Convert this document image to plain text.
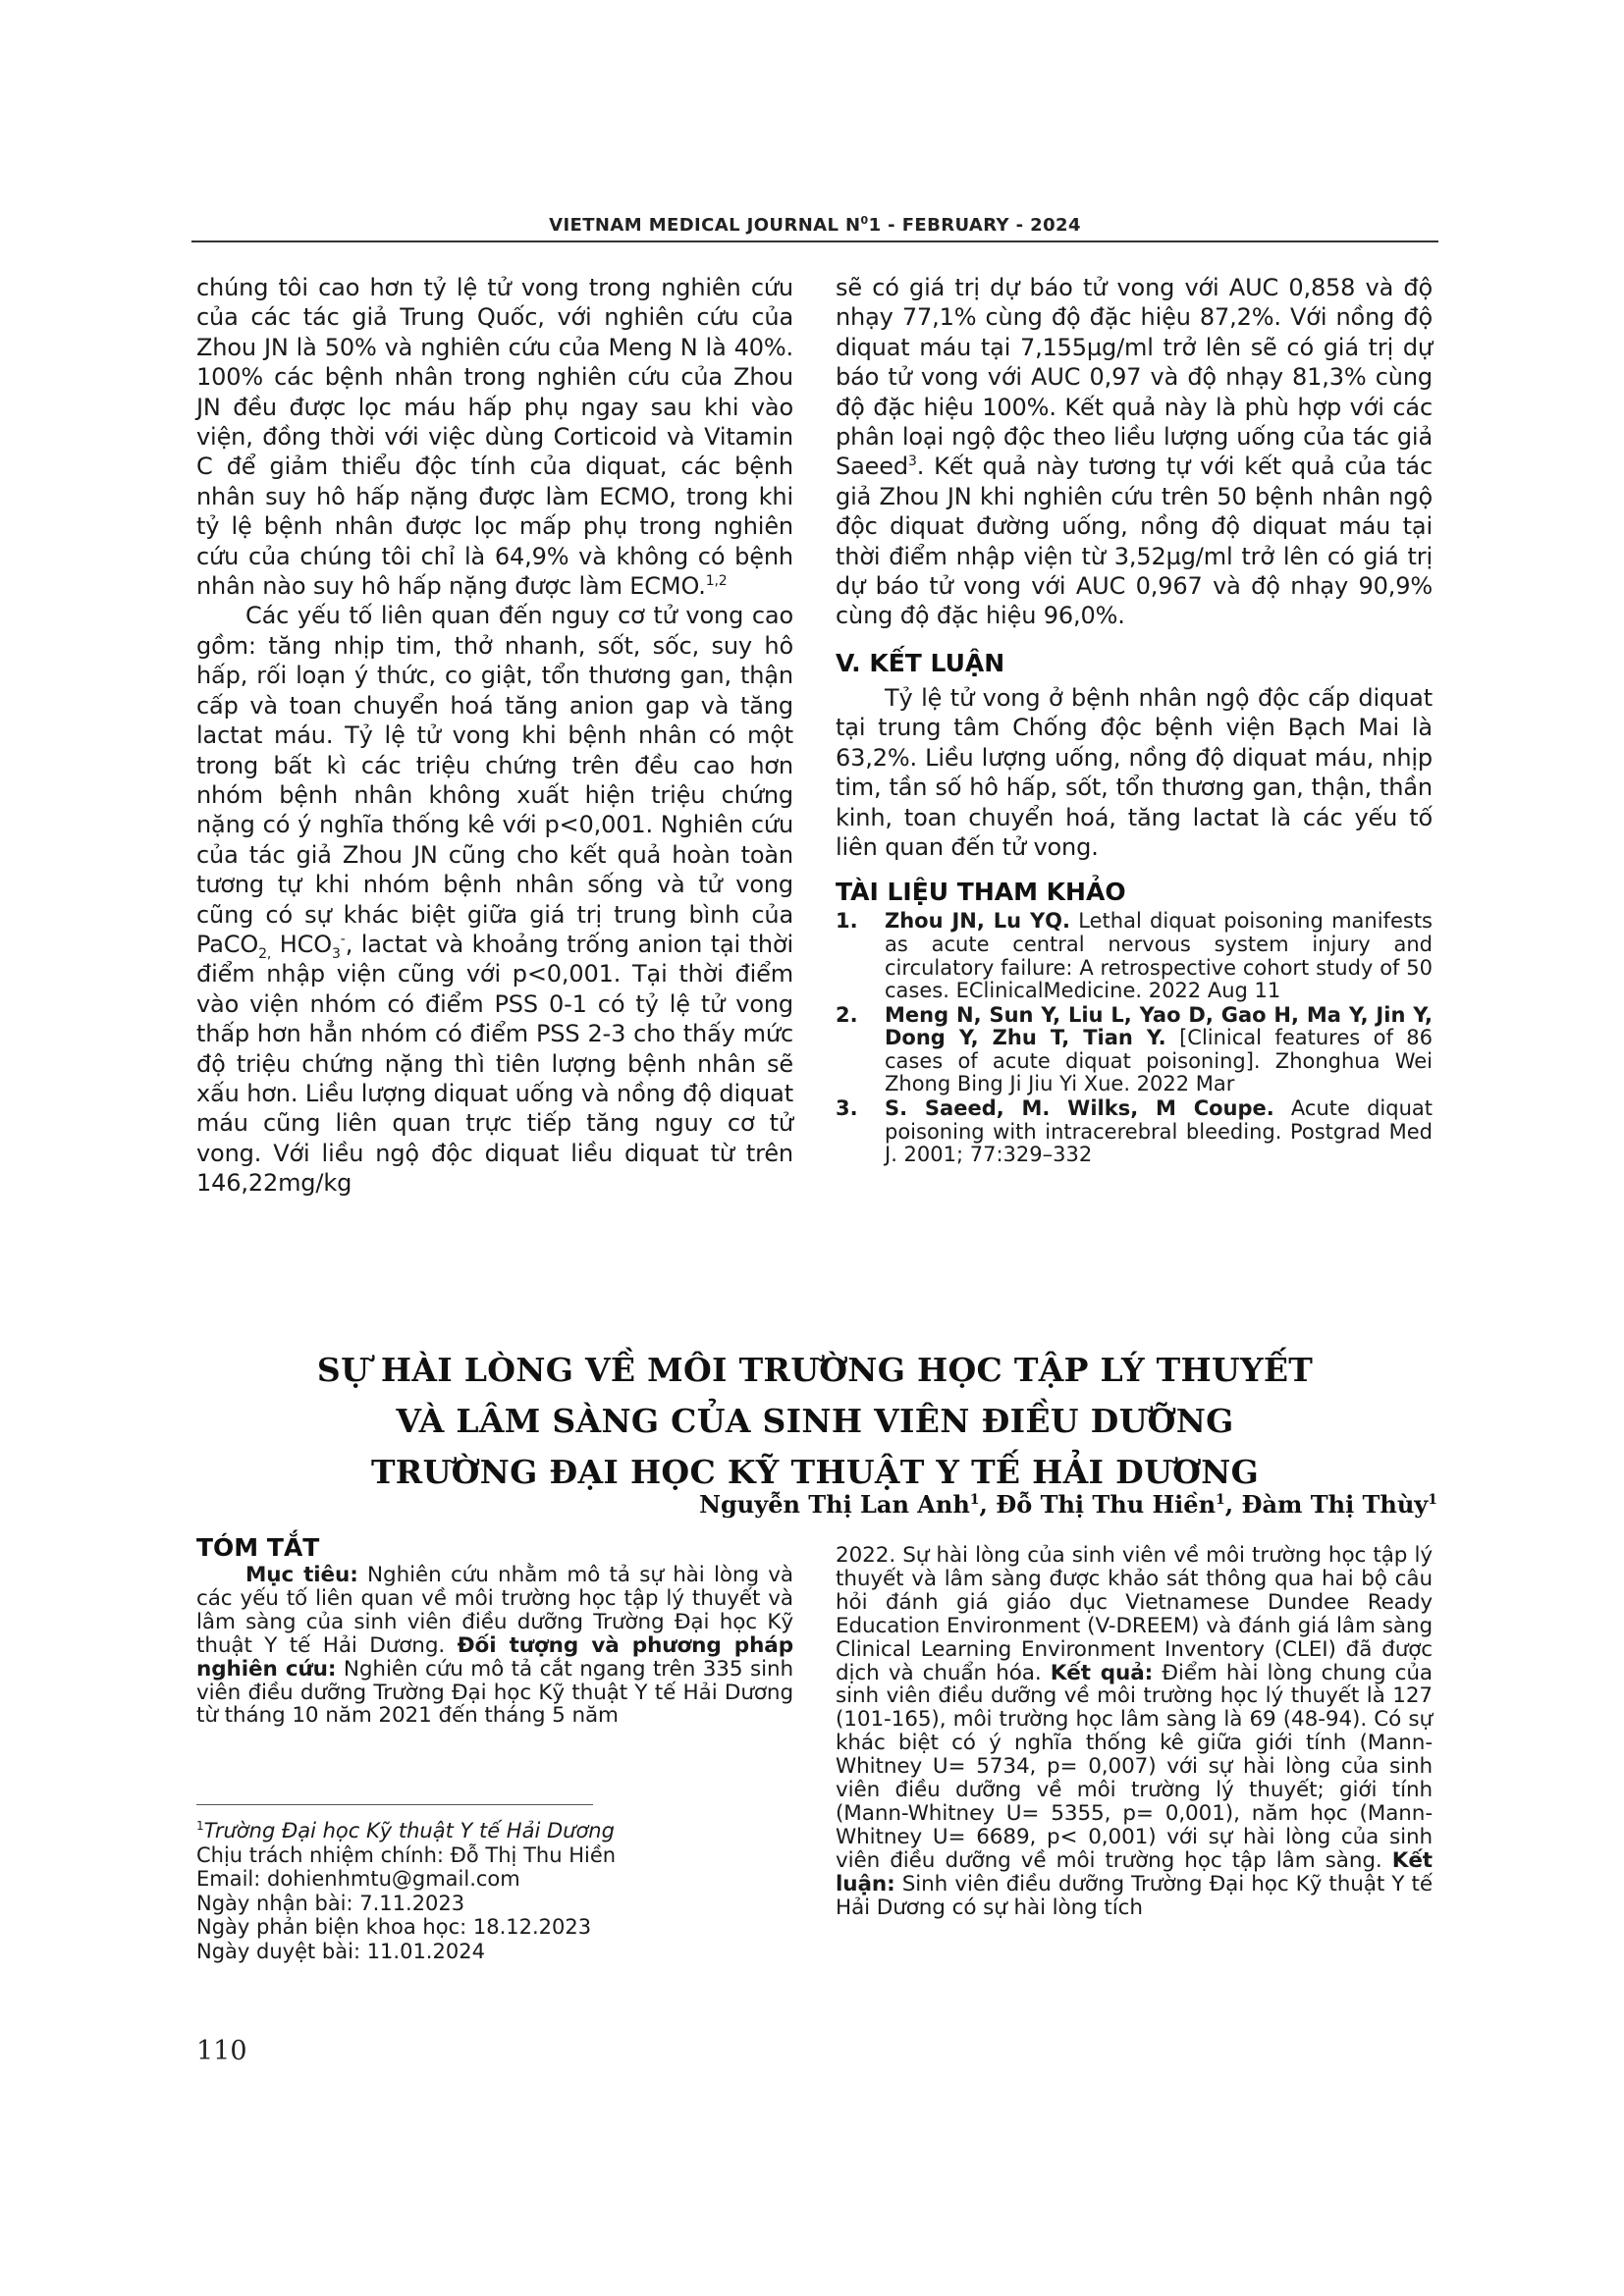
VIETNAM MEDICAL JOURNAL $N^01$ - FEBRUARY - 2024

chúng tôi cao hơn tỷ lệ tử vong trong nghiên cứu của các tác giả Trung Quốc, với nghiên cứu của Zhou JN là 50% và nghiên cứu của Meng N là 40%. 100% các bệnh nhân trong nghiên cứu của Zhou JN đều được lọc máu hấp phụ ngay sau khi vào viện, đồng thời với việc dùng Corticoid và Vitamin C để giảm thiểu độc tính của diquat, các bệnh nhân suy hô hấp nặng được làm ECMO, trong khi tỷ lệ bệnh nhân được lọc mấp phụ trong nghiên cứu của chúng tôi chỉ là 64,9% và không có bệnh nhân nào suy hô hấp nặng được làm ECMO.$^{1,2}$

Các yếu tố liên quan đến nguy cơ tử vong cao gồm: tăng nhịp tim, thở nhanh, sốt, sốc, suy hô hấp, rối loạn ý thức, co giật, tổn thương gan, thận cấp và toan chuyển hoá tăng anion gap và tăng lactat máu. Tỷ lệ tử vong khi bệnh nhân có một trong bất kì các triệu chứng trên đều cao hơn nhóm bệnh nhân không xuất hiện triệu chứng nặng có ý nghĩa thống kê với p<0,001. Nghiên cứu của tác giả Zhou JN cũng cho kết quả hoàn toàn tương tự khi nhóm bệnh nhân sống và tử vong cũng có sự khác biệt giữa giá trị trung bình của PaCO$_{2,}$ $HCO_3^-$, lactat và khoảng trống anion tại thời điểm nhập viện cũng với p<0,001. Tại thời điểm vào viện nhóm có điểm PSS 0-1 có tỷ lệ tử vong thấp hơn hẳn nhóm có điểm PSS 2-3 cho thấy mức độ triệu chứng nặng thì tiên lượng bệnh nhân sẽ xấu hơn. Liều lượng diquat uống và nồng độ diquat máu cũng liên quan trực tiếp tăng nguy cơ tử vong. Với liều ngộ độc diquat liều diquat từ trên 146,22mg/kg

sẽ có giá trị dự báo tử vong với AUC 0,858 và độ nhạy 77,1% cùng độ đặc hiệu 87,2%. Với nồng độ diquat máu tại 7,155µg/ml trở lên sẽ có giá trị dự báo tử vong với AUC 0,97 và độ nhạy 81,3% cùng độ đặc hiệu 100%. Kết quả này là phù hợp với các phân loại ngộ độc theo liều lượng uống của tác giả Saeed$^3$. Kết quả này tương tự với kết quả của tác giả Zhou JN khi nghiên cứu trên 50 bệnh nhân ngộ độc diquat đường uống, nồng độ diquat máu tại thời điểm nhập viện từ 3,52µg/ml trở lên có giá trị dự báo tử vong với AUC 0,967 và độ nhạy 90,9% cùng độ đặc hiệu 96,0%.

V. KẾT LUẬN

Tỷ lệ tử vong ở bệnh nhân ngộ độc cấp diquat tại trung tâm Chống độc bệnh viện Bạch Mai là 63,2%. Liều lượng uống, nồng độ diquat máu, nhịp tim, tần số hô hấp, sốt, tổn thương gan, thận, thần kinh, toan chuyển hoá, tăng lactat là các yếu tố liên quan đến tử vong.

TÀI LIỆU THAM KHẢO
1. Zhou JN, Lu YQ. Lethal diquat poisoning manifests as acute central nervous system injury and circulatory failure: A retrospective cohort study of 50 cases. EClinicalMedicine. 2022 Aug 11
2. Meng N, Sun Y, Liu L, Yao D, Gao H, Ma Y, Jin Y, Dong Y, Zhu T, Tian Y. [Clinical features of 86 cases of acute diquat poisoning]. Zhonghua Wei Zhong Bing Ji Jiu Yi Xue. 2022 Mar
3. S. Saeed, M. Wilks, M Coupe. Acute diquat poisoning with intracerebral bleeding. Postgrad Med J. 2001; 77:329–332
SỰ HÀI LÒNG VỀ MÔI TRƯỜNG HỌC TẬP LÝ THUYẾT
VÀ LÂM SÀNG CỦA SINH VIÊN ĐIỀU DƯỠNG
TRƯỜNG ĐẠI HỌC KỸ THUẬT Y TẾ HẢI DƯƠNG
Nguyễn Thị Lan Anh$^1$, Đỗ Thị Thu Hiền$^1$, Đàm Thị Thùy$^1$
TÓM TẮT

Mục tiêu: Nghiên cứu nhằm mô tả sự hài lòng và các yếu tố liên quan về môi trường học tập lý thuyết và lâm sàng của sinh viên điều dưỡng Trường Đại học Kỹ thuật Y tế Hải Dương. Đối tượng và phương pháp nghiên cứu: Nghiên cứu mô tả cắt ngang trên 335 sinh viên điều dưỡng Trường Đại học Kỹ thuật Y tế Hải Dương từ tháng 10 năm 2021 đến tháng 5 năm

$^1$Trường Đại học Kỹ thuật Y tế Hải Dương
Chịu trách nhiệm chính: Đỗ Thị Thu Hiền
Email: dohienhmtu@gmail.com
Ngày nhận bài: 7.11.2023
Ngày phản biện khoa học: 18.12.2023
Ngày duyệt bài: 11.01.2024

2022. Sự hài lòng của sinh viên về môi trường học tập lý thuyết và lâm sàng được khảo sát thông qua hai bộ câu hỏi đánh giá giáo dục Vietnamese Dundee Ready Education Environment (V-DREEM) và đánh giá lâm sàng Clinical Learning Environment Inventory (CLEI) đã được dịch và chuẩn hóa. Kết quả: Điểm hài lòng chung của sinh viên điều dưỡng về môi trường học lý thuyết là 127 (101-165), môi trường học lâm sàng là 69 (48-94). Có sự khác biệt có ý nghĩa thống kê giữa giới tính (Mann-Whitney U= 5734, p= 0,007) với sự hài lòng của sinh viên điều dưỡng về môi trường lý thuyết; giới tính (Mann-Whitney U= 5355, p= 0,001), năm học (Mann-Whitney U= 6689, p< 0,001) với sự hài lòng của sinh viên điều dưỡng về môi trường học tập lâm sàng. Kết luận: Sinh viên điều dưỡng Trường Đại học Kỹ thuật Y tế Hải Dương có sự hài lòng tích

110
